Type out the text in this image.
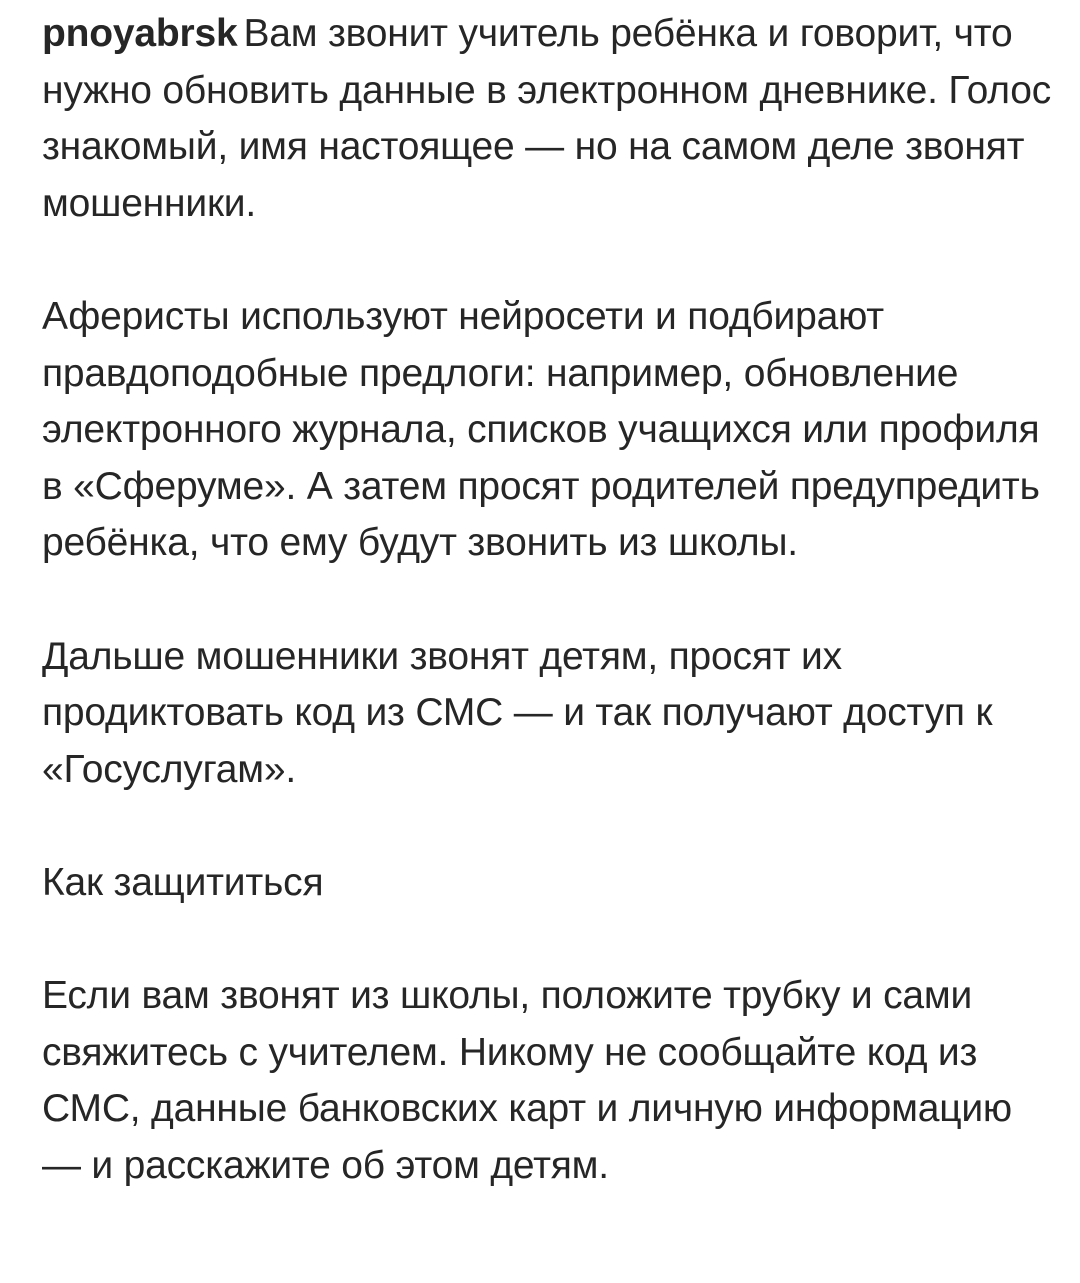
pnoyabrsk Вам звонит учитель ребёнка и говорит, что нужно обновить данные в электронном дневнике. Голос знакомый, имя настоящее — но на самом деле звонят мошенники.

Аферисты используют нейросети и подбирают правдоподобные предлоги: например, обновление электронного журнала, списков учащихся или профиля в «Сферуме». А затем просят родителей предупредить ребёнка, что ему будут звонить из школы.

Дальше мошенники звонят детям, просят их продиктовать код из СМС — и так получают доступ к «Госуслугам».

Как защититься

Если вам звонят из школы, положите трубку и сами свяжитесь с учителем. Никому не сообщайте код из СМС, данные банковских карт и личную информацию — и расскажите об этом детям.
